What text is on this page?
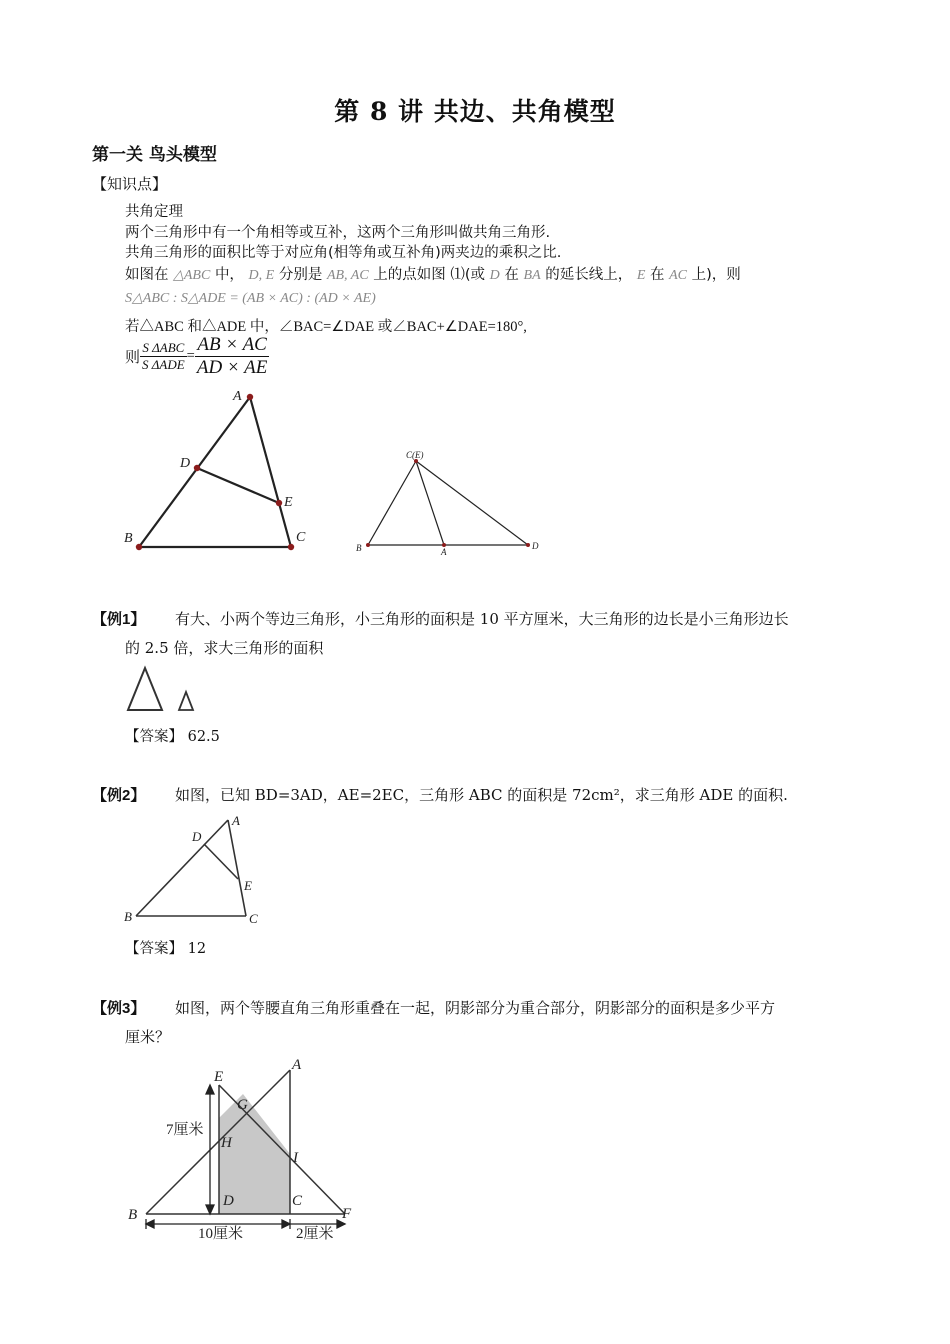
第 8 讲 共边、共角模型
第一关 鸟头模型
【知识点】
共角定理
两个三角形中有一个角相等或互补，这两个三角形叫做共角三角形.
共角三角形的面积比等于对应角(相等角或互补角)两夹边的乘积之比.
如图在 △ABC 中， D, E 分别是 AB, AC 上的点如图 ⑴(或 D 在 BA 的延长线上， E 在 AC 上)，则
S△ABC : S△ADE = (AB × AC) : (AD × AE)
若△ABC 和△ADE 中，∠BAC=∠DAE 或∠BAC+∠DAE=180°,
则 $\frac{\text{S ΔABC}}{\text{S ΔADE}} = \frac{AB \times AC}{AD \times AE}$
A
B	C
D
E
C(E)
B	A
D
【例1】 有大、小两个等边三角形，小三角形的面积是 10 平方厘米，大三角形的边长是小三角形边长
的 2.5 倍，求大三角形的面积
【答案】 62.5
【例2】 如图，已知 BD=3AD，AE=2EC，三角形 ABC 的面积是 72cm²，求三角形 ADE 的面积.
A
D
E
B	C
【答案】 12
【例3】 如图，两个等腰直角三角形重叠在一起，阴影部分为重合部分，阴影部分的面积是多少平方
厘米？
A
E
G
H
I
D	C
B	F
7厘米
10厘米	2厘米
